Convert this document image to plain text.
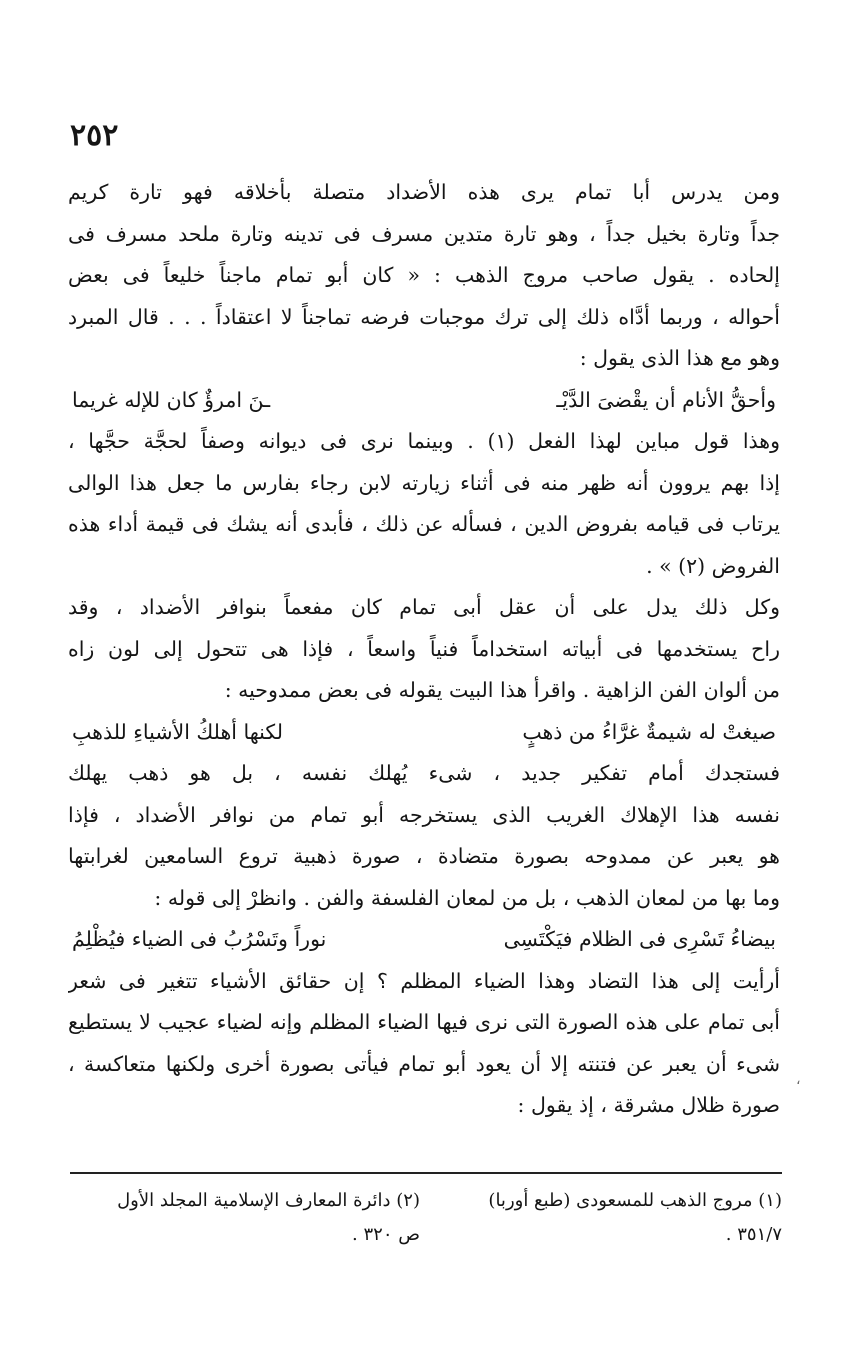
٢٥٢
ومن يدرس أبا تمام يرى هذه الأضداد متصلة بأخلاقه فهو تارة كريم
جداً وتارة بخيل جداً ، وهو تارة متدين مسرف فى تدينه وتارة ملحد مسرف فى
إلحاده . يقول صاحب مروج الذهب : « كان أبو تمام ماجناً خليعاً فى بعض
أحواله ، وربما أدَّاه ذلك إلى ترك موجبات فرضه تماجناً لا اعتقاداً . . . قال المبرد
وهو مع هذا الذى يقول :
وأحقُّ الأنام أن يقْضىَ الدَّيْـ
ـنَ امرؤٌ كان للإله غريما
وهذا قول مباين لهذا الفعل (١) . وبينما نرى فى ديوانه وصفاً لحجَّة حجَّها ،
إذا بهم يروون أنه ظهر منه فى أثناء زيارته لابن رجاء بفارس ما جعل هذا الوالى
يرتاب فى قيامه بفروض الدين ، فسأله عن ذلك ، فأبدى أنه يشك فى قيمة أداء هذه
الفروض (٢) » .
وكل ذلك يدل على أن عقل أبى تمام كان مفعماً بنوافر الأضداد ، وقد
راح يستخدمها فى أبياته استخداماً فنياً واسعاً ، فإذا هى تتحول إلى لون زاه
من ألوان الفن الزاهية . واقرأ هذا البيت يقوله فى بعض ممدوحيه :
صيغتْ له شيمةٌ غرَّاءُ من ذهبٍ
لكنها أهلكُ الأشياءِ للذهبِ
فستجدك أمام تفكير جديد ، شىء يُهلك نفسه ، بل هو ذهب يهلك
نفسه هذا الإهلاك الغريب الذى يستخرجه أبو تمام من نوافر الأضداد ، فإذا
هو يعبر عن ممدوحه بصورة متضادة ، صورة ذهبية تروع السامعين لغرابتها
وما بها من لمعان الذهب ، بل من لمعان الفلسفة والفن . وانظرْ إلى قوله :
بيضاءُ تَسْرِى فى الظلام فيَكْتَسِى
نوراً وتَسْرُبُ فى الضياء فيُظْلِمُ
أرأيت إلى هذا التضاد وهذا الضياء المظلم ؟ إن حقائق الأشياء تتغير فى شعر
أبى تمام على هذه الصورة التى نرى فيها الضياء المظلم وإنه لضياء عجيب لا يستطيع
شىء أن يعبر عن فتنته إلا أن يعود أبو تمام فيأتى بصورة أخرى ولكنها متعاكسة ،
صورة ظلال مشرقة ، إذ يقول :
(١) مروج الذهب للمسعودى (طبع أوربا)
٣٥١/٧ .
(٢) دائرة المعارف الإسلامية المجلد الأول
ص ٣٢٠ .
،
